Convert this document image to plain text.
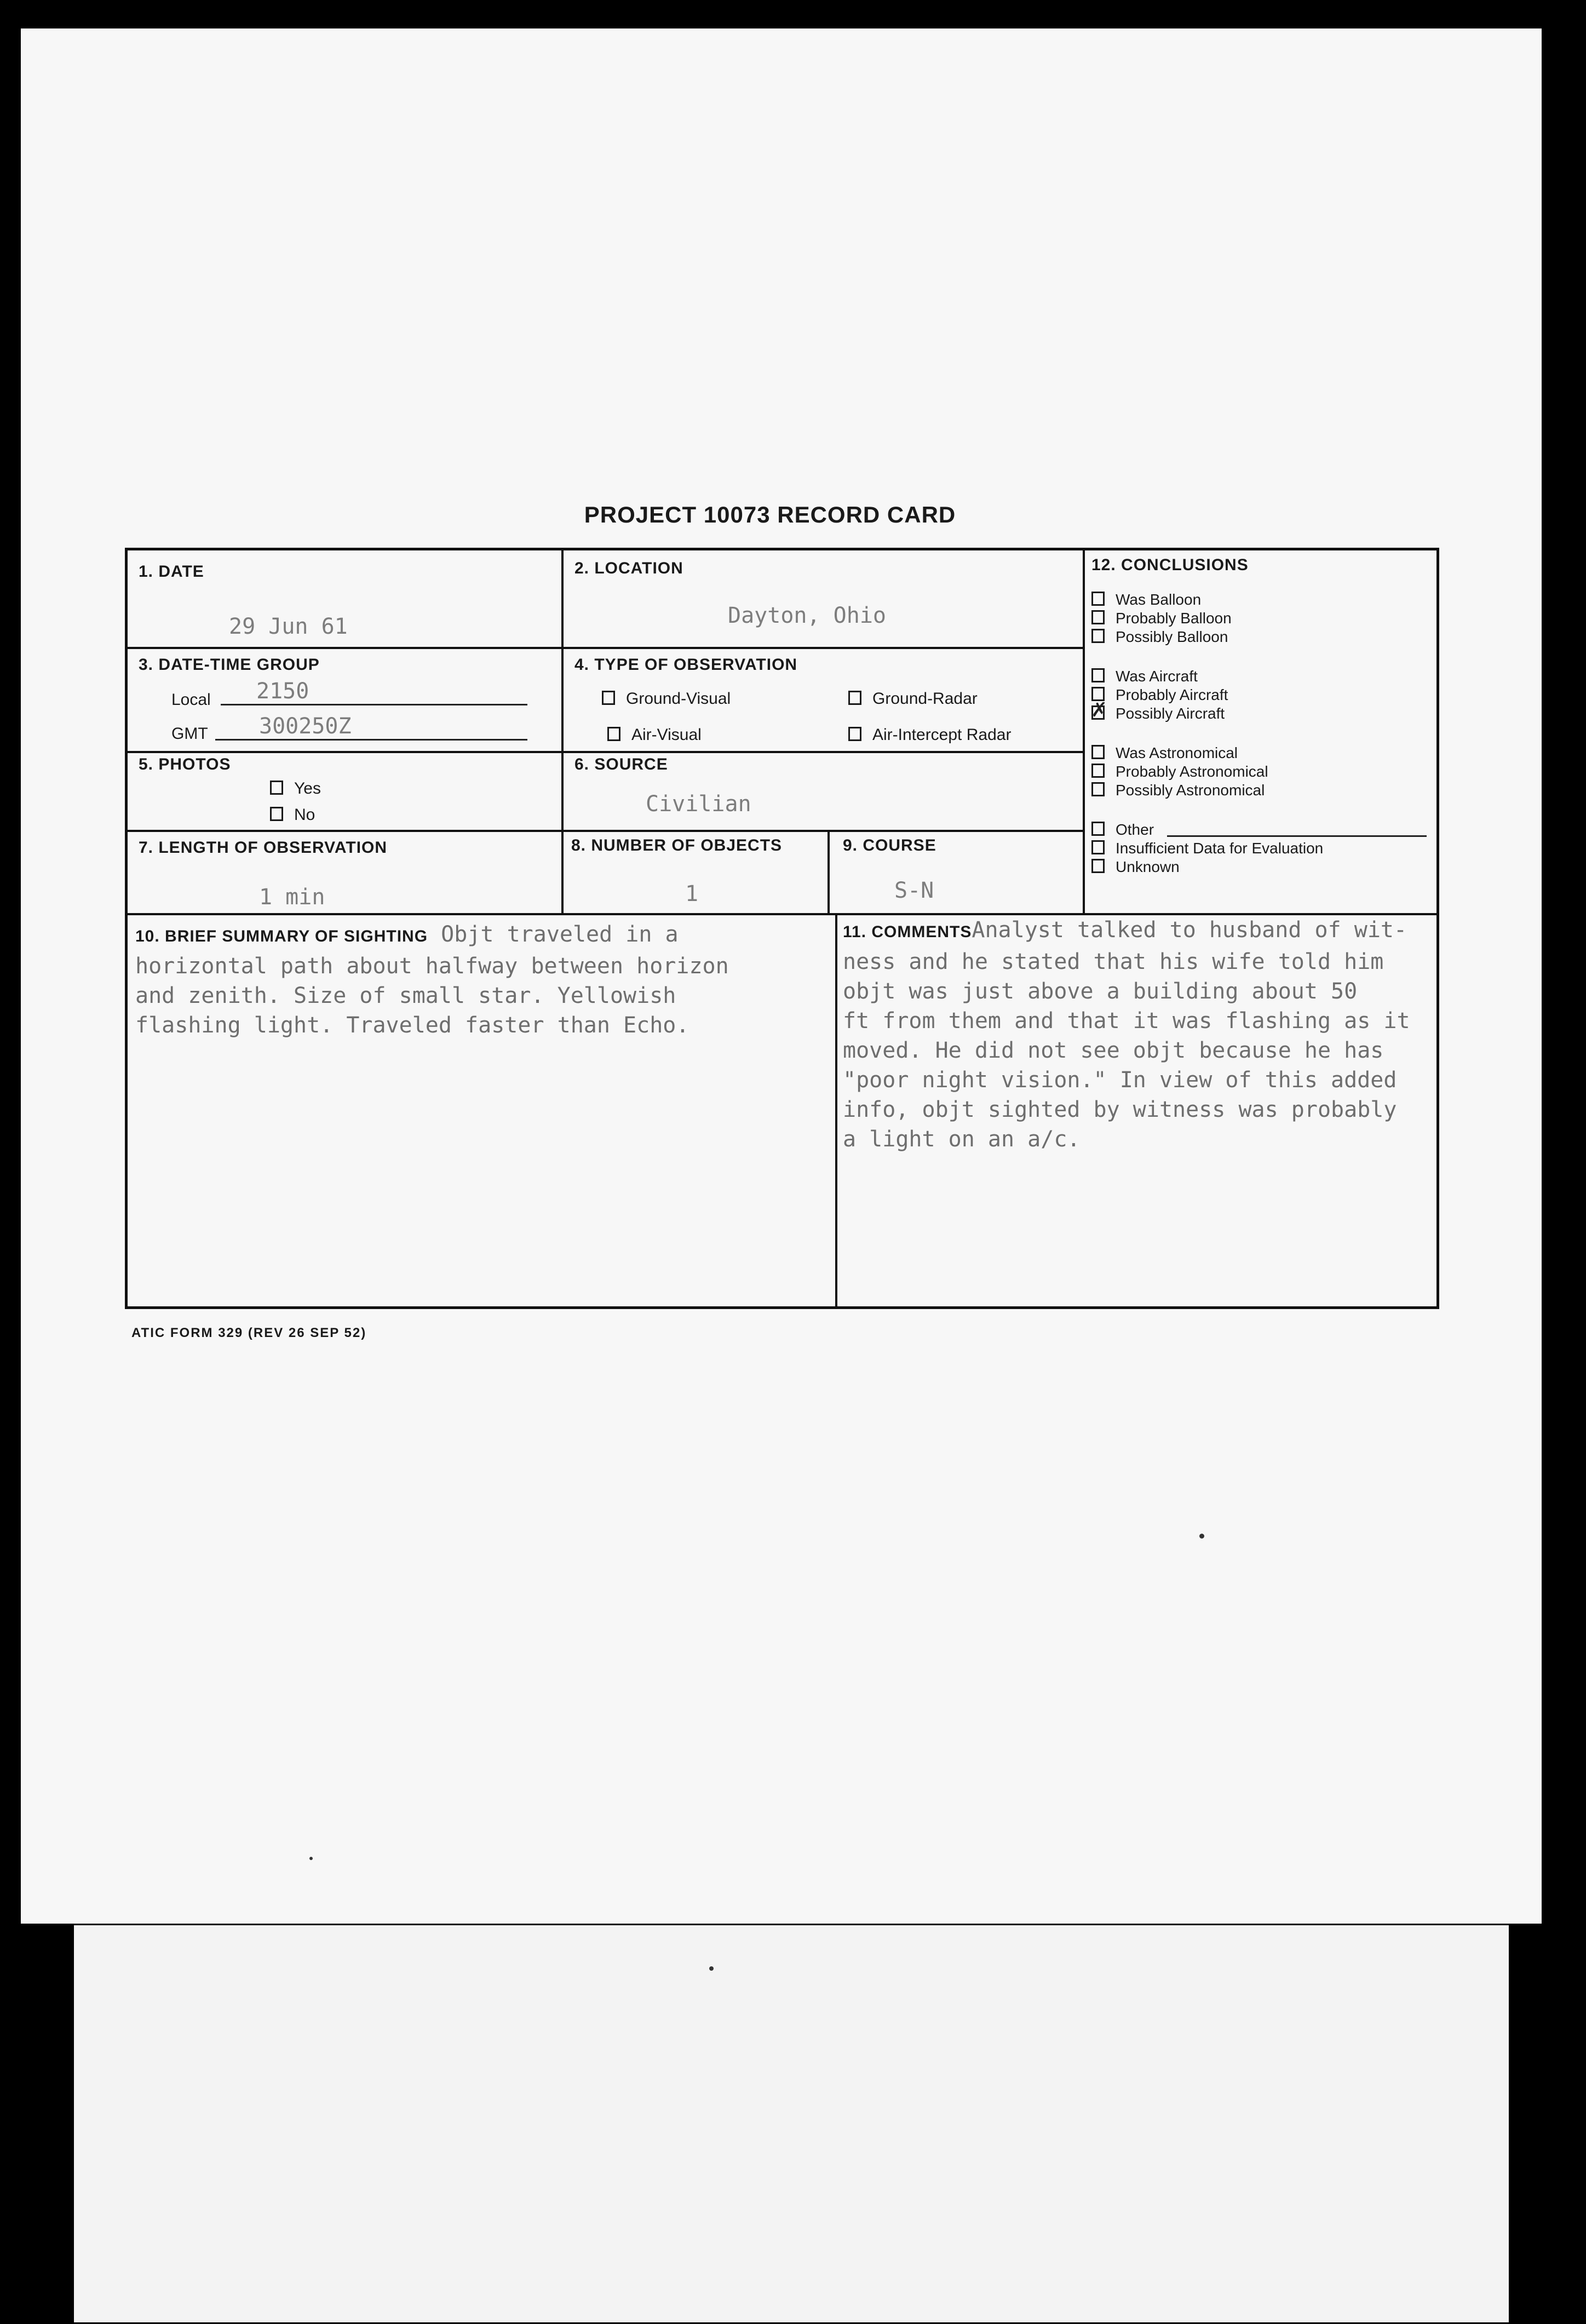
PROJECT 10073 RECORD CARD
1. DATE
29 Jun 61
2. LOCATION
Dayton, Ohio
3. DATE-TIME GROUP
Local 2150
GMT 300250Z
4. TYPE OF OBSERVATION
Ground-Visual	Ground-Radar
Air-Visual	Air-Intercept Radar
5. PHOTOS
Yes
No
6. SOURCE
Civilian
7. LENGTH OF OBSERVATION
1 min
8. NUMBER OF OBJECTS
1
9. COURSE
S-N
12. CONCLUSIONS
Was Balloon
Probably Balloon
Possibly Balloon
Was Aircraft
Probably Aircraft
✗ Possibly Aircraft
Was Astronomical
Probably Astronomical
Possibly Astronomical
Other
Insufficient Data for Evaluation
Unknown
10. BRIEF SUMMARY OF SIGHTING Objt traveled in a
horizontal path about halfway between horizon
and zenith. Size of small star. Yellowish
flashing light. Traveled faster than Echo.
11. COMMENTSAnalyst talked to husband of wit-
ness and he stated that his wife told him
objt was just above a building about 50
ft from them and that it was flashing as it
moved. He did not see objt because he has
"poor night vision." In view of this added
info, objt sighted by witness was probably
a light on an a/c.
ATIC FORM 329 (REV 26 SEP 52)
